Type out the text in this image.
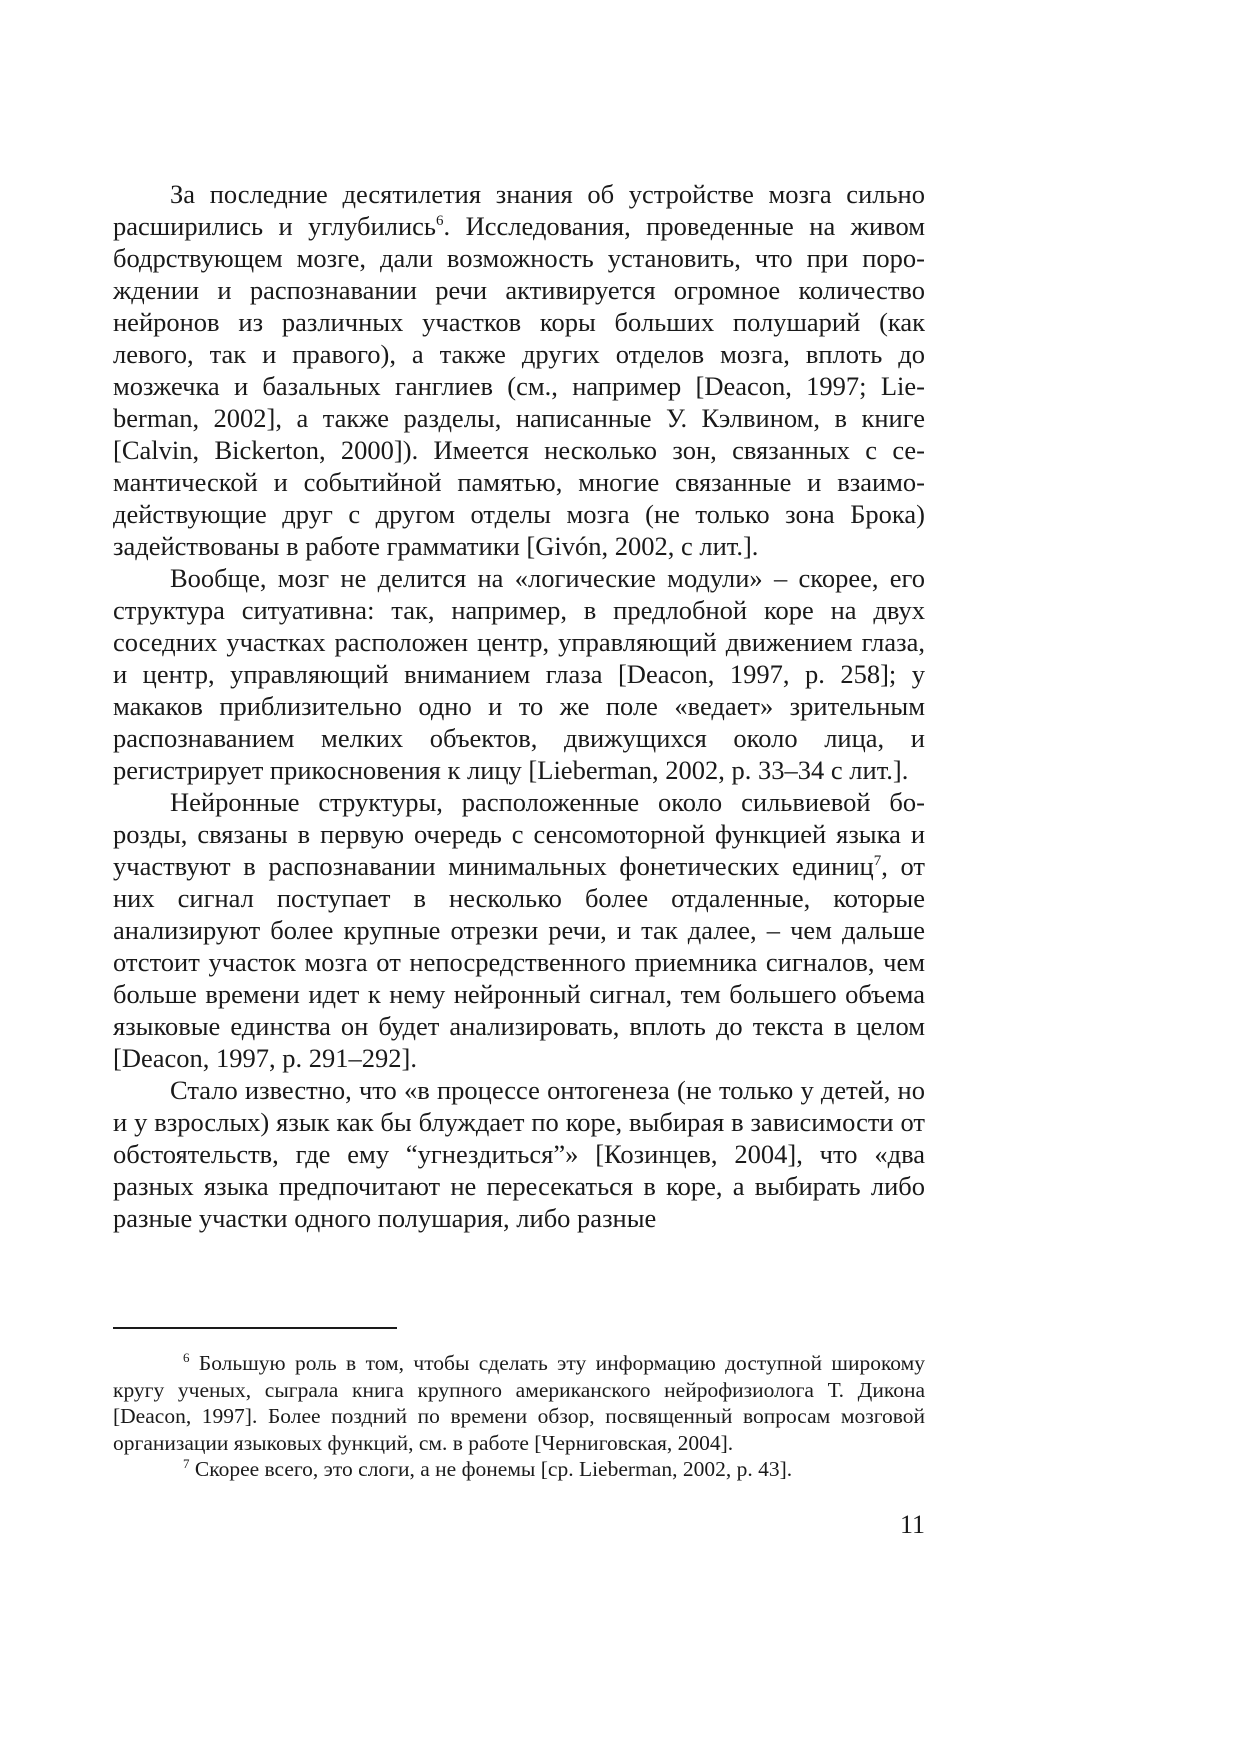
За последние десятилетия знания об устройстве мозга сильно расширились и углубились$^6$. Исследования, проведенные на живом бодрствующем мозге, дали возможность установить, что при порождении и распознавании речи активируется огромное количество нейронов из различных участков коры больших полушарий (как левого, так и правого), а также других отделов мозга, вплоть до мозжечка и базальных ганглиев (см., например [Deacon, 1997; Lieberman, 2002], а также разделы, написанные У. Кэлвином, в книге [Calvin, Bickerton, 2000]). Имеется несколько зон, связанных с семантической и событийной памятью, многие связанные и взаимодействующие друг с другом отделы мозга (не только зона Брока) задействованы в работе грамматики [Givón, 2002, с лит.].

Вообще, мозг не делится на «логические модули» – скорее, его структура ситуативна: так, например, в предлобной коре на двух соседних участках расположен центр, управляющий движением глаза, и центр, управляющий вниманием глаза [Deacon, 1997, p. 258]; у макаков приблизительно одно и то же поле «ведает» зрительным распознаванием мелких объектов, движущихся около лица, и регистрирует прикосновения к лицу [Lieberman, 2002, p. 33–34 с лит.].

Нейронные структуры, расположенные около сильвиевой борозды, связаны в первую очередь с сенсомоторной функцией языка и участвуют в распознавании минимальных фонетических единиц$^7$, от них сигнал поступает в несколько более отдаленные, которые анализируют более крупные отрезки речи, и так далее, – чем дальше отстоит участок мозга от непосредственного приемника сигналов, чем больше времени идет к нему нейронный сигнал, тем большего объема языковые единства он будет анализировать, вплоть до текста в целом [Deacon, 1997, p. 291–292].

Стало известно, что «в процессе онтогенеза (не только у детей, но и у взрослых) язык как бы блуждает по коре, выбирая в зависимости от обстоятельств, где ему “угнездиться”» [Козинцев, 2004], что «два разных языка предпочитают не пересекаться в коре, а выбирать либо разные участки одного полушария, либо разные

$^6$ Большую роль в том, чтобы сделать эту информацию доступной широкому кругу ученых, сыграла книга крупного американского нейрофизиолога Т. Дикона [Deacon, 1997]. Более поздний по времени обзор, посвященный вопросам мозговой организации языковых функций, см. в работе [Черниговская, 2004].

$^7$ Скорее всего, это слоги, а не фонемы [ср. Lieberman, 2002, p. 43].

11
